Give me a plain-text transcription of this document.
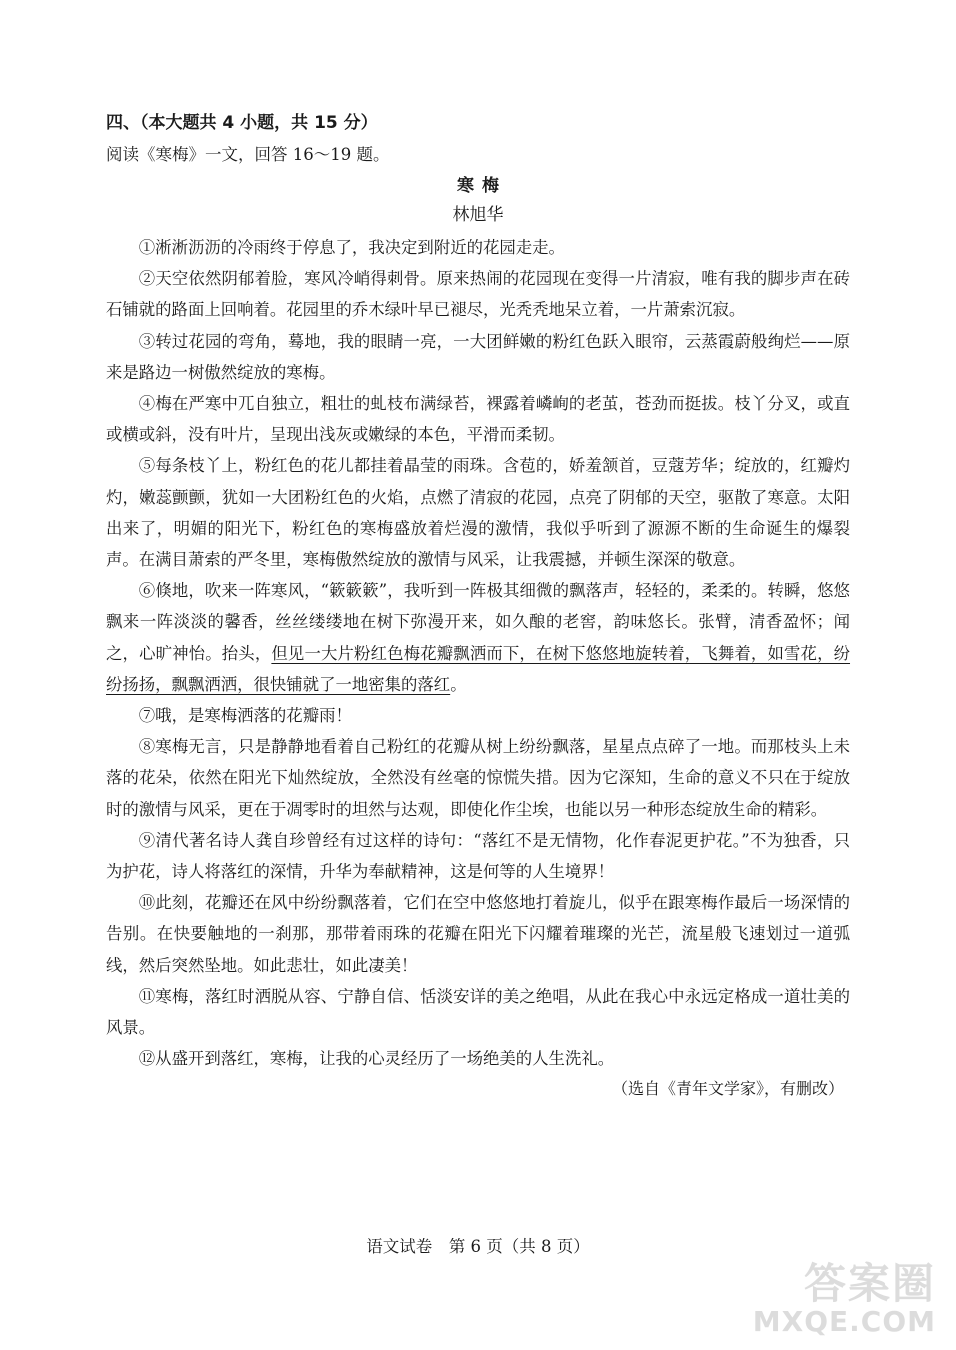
四、（本大题共 4 小题，共 15 分）

阅读《寒梅》一文，回答 16～19 题。

寒梅

林旭华

①淅淅沥沥的冷雨终于停息了，我决定到附近的花园走走。

②天空依然阴郁着脸，寒风冷峭得刺骨。原来热闹的花园现在变得一片清寂，唯有我的脚步声在砖石铺就的路面上回响着。花园里的乔木绿叶早已褪尽，光秃秃地呆立着，一片萧索沉寂。

③转过花园的弯角，蓦地，我的眼睛一亮，一大团鲜嫩的粉红色跃入眼帘，云蒸霞蔚般绚烂——原来是路边一树傲然绽放的寒梅。

④梅在严寒中兀自独立，粗壮的虬枝布满绿苔，裸露着嶙峋的老茧，苍劲而挺拔。枝丫分叉，或直或横或斜，没有叶片，呈现出浅灰或嫩绿的本色，平滑而柔韧。

⑤每条枝丫上，粉红色的花儿都挂着晶莹的雨珠。含苞的，娇羞颔首，豆蔻芳华；绽放的，红瓣灼灼，嫩蕊颤颤，犹如一大团粉红色的火焰，点燃了清寂的花园，点亮了阴郁的天空，驱散了寒意。太阳出来了，明媚的阳光下，粉红色的寒梅盛放着烂漫的激情，我似乎听到了源源不断的生命诞生的爆裂声。在满目萧索的严冬里，寒梅傲然绽放的激情与风采，让我震撼，并顿生深深的敬意。

⑥倏地，吹来一阵寒风，“簌簌簌”，我听到一阵极其细微的飘落声，轻轻的，柔柔的。转瞬，悠悠飘来一阵淡淡的馨香，丝丝缕缕地在树下弥漫开来，如久酿的老窖，韵味悠长。张臂，清香盈怀；闻之，心旷神怡。抬头，但见一大片粉红色梅花瓣飘洒而下，在树下悠悠地旋转着，飞舞着，如雪花，纷纷扬扬，飘飘洒洒，很快铺就了一地密集的落红。

⑦哦，是寒梅洒落的花瓣雨！

⑧寒梅无言，只是静静地看着自己粉红的花瓣从树上纷纷飘落，星星点点碎了一地。而那枝头上未落的花朵，依然在阳光下灿然绽放，全然没有丝毫的惊慌失措。因为它深知，生命的意义不只在于绽放时的激情与风采，更在于凋零时的坦然与达观，即使化作尘埃，也能以另一种形态绽放生命的精彩。

⑨清代著名诗人龚自珍曾经有过这样的诗句：“落红不是无情物，化作春泥更护花。”不为独香，只为护花，诗人将落红的深情，升华为奉献精神，这是何等的人生境界！

⑩此刻，花瓣还在风中纷纷飘落着，它们在空中悠悠地打着旋儿，似乎在跟寒梅作最后一场深情的告别。在快要触地的一刹那，那带着雨珠的花瓣在阳光下闪耀着璀璨的光芒，流星般飞速划过一道弧线，然后突然坠地。如此悲壮，如此凄美！

⑪寒梅，落红时洒脱从容、宁静自信、恬淡安详的美之绝唱，从此在我心中永远定格成一道壮美的风景。

⑫从盛开到落红，寒梅，让我的心灵经历了一场绝美的人生洗礼。

（选自《青年文学家》，有删改）

语文试卷　第 6 页（共 8 页）

答案圈
MXQE.COM
